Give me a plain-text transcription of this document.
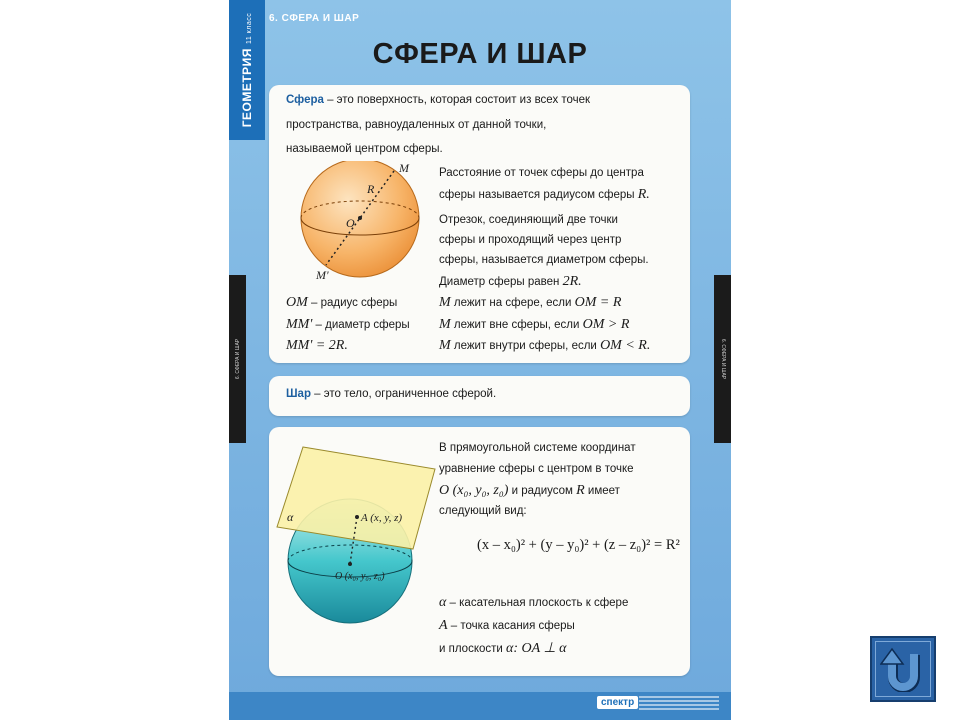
ГЕОМЕТРИЯ11 класс
6. СФЕРА И ШАР	6. СФЕРА И ШАР
6. СФЕРА И ШАР
СФЕРА И ШАР
Сфера – это поверхность, которая состоит из всех точек
пространства, равноудаленных от данной точки,
называемой центром сферы.
M
R
O
M'
Расстояние от точек сферы до центра
сферы называется радиусом сферы R.
Отрезок, соединяющий две точки
сферы и проходящий через центр
сферы, называется диаметром сферы.
Диаметр сферы равен 2R.
OM – радиус сферы
MM' – диаметр сферы
MM' = 2R.
M лежит на сфере, если OM = R
M лежит вне сферы, если OM > R
M лежит внутри сферы, если OM < R.
Шар – это тело, ограниченное сферой.
α	A (x, y, z)
O (x₀, y₀, z₀)
В прямоугольной системе координат
уравнение сферы с центром в точке
O (x₀, y₀, z₀) и радиусом R имеет
следующий вид:
(x – x₀)² + (y – y₀)² + (z – z₀)² = R²
α – касательная плоскость к сфере
A – точка касания сферы
и плоскости α: OA ⊥ α
спектр
